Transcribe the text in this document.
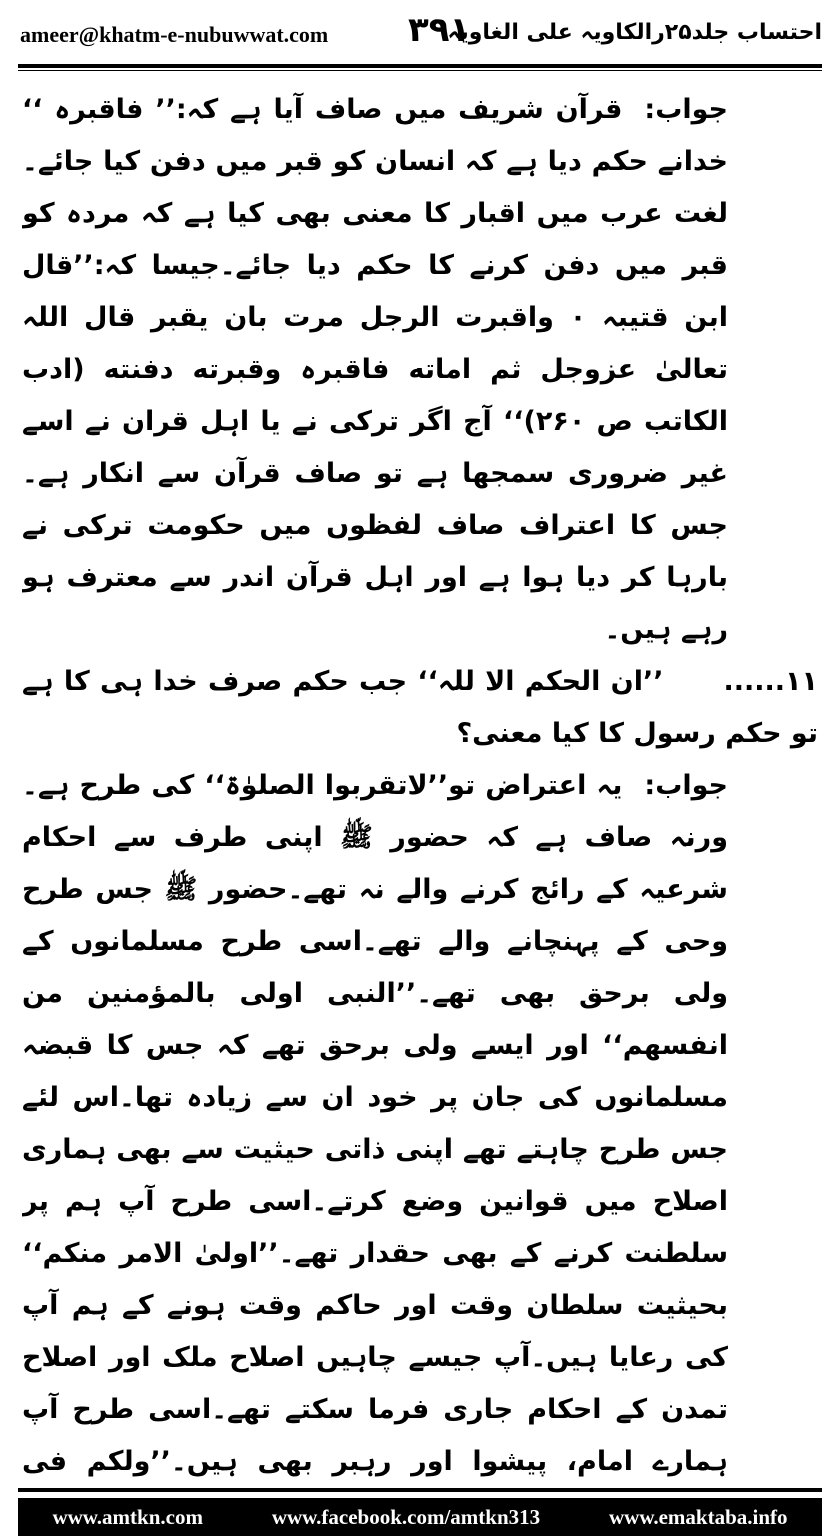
ameer@khatm-e-nubuwwat.com ۳۹۱
احتساب جلد۲۵رالکاویہ علی الغاویہ

جواب:قرآن شریف میں صاف آیا ہے کہ:’’ فاقبرہ ‘‘ خدانے حکم دیا ہے کہ انسان کو قبر میں دفن کیا جائے۔لغت عرب میں اقبار کا معنی بھی کیا ہے کہ مردہ کو قبر میں دفن کرنے کا حکم دیا جائے۔جیسا کہ:’’قال ابن قتیبہ ۰ واقبرت الرجل مرت بان یقبر قال اللہ تعالیٰ عزوجل ثم اماته فاقبرہ وقبرته دفنته (ادب الکاتب ص ۲۶۰)‘‘ آج اگر ترکی نے یا اہل قران نے اسے غیر ضروری سمجھا ہے تو صاف قرآن سے انکار ہے۔جس کا اعتراف صاف لفظوں میں حکومت ترکی نے بارہا کر دیا ہوا ہے اور اہل قرآن اندر سے معترف ہو رہے ہیں۔

۱۱......’’ان الحکم الا للہ‘‘ جب حکم صرف خدا ہی کا ہے تو حکم رسول کا کیا معنی؟

جواب:یہ اعتراض تو’’لاتقربوا الصلوٰۃ‘‘ کی طرح ہے۔ورنہ صاف ہے کہ حضور ﷺ اپنی طرف سے احکام شرعیہ کے رائج کرنے والے نہ تھے۔حضور ﷺ جس طرح وحی کے پہنچانے والے تھے۔اسی طرح مسلمانوں کے ولی برحق بھی تھے۔’’النبی اولی بالمؤمنین من انفسھم‘‘ اور ایسے ولی برحق تھے کہ جس کا قبضہ مسلمانوں کی جان پر خود ان سے زیادہ تھا۔اس لئے جس طرح چاہتے تھے اپنی ذاتی حیثیت سے بھی ہماری اصلاح میں قوانین وضع کرتے۔اسی طرح آپ ہم پر سلطنت کرنے کے بھی حقدار تھے۔’’اولیٰ الامر منکم‘‘ بحیثیت سلطان وقت اور حاکم وقت ہونے کے ہم آپ کی رعایا ہیں۔آپ جیسے چاہیں اصلاح ملک اور اصلاح تمدن کے احکام جاری فرما سکتے تھے۔اسی طرح آپ ہمارے امام، پیشوا اور رہبر بھی ہیں۔’’ولکم فی

www.amtkn.com	www.facebook.com/amtkn313	www.emaktaba.info
